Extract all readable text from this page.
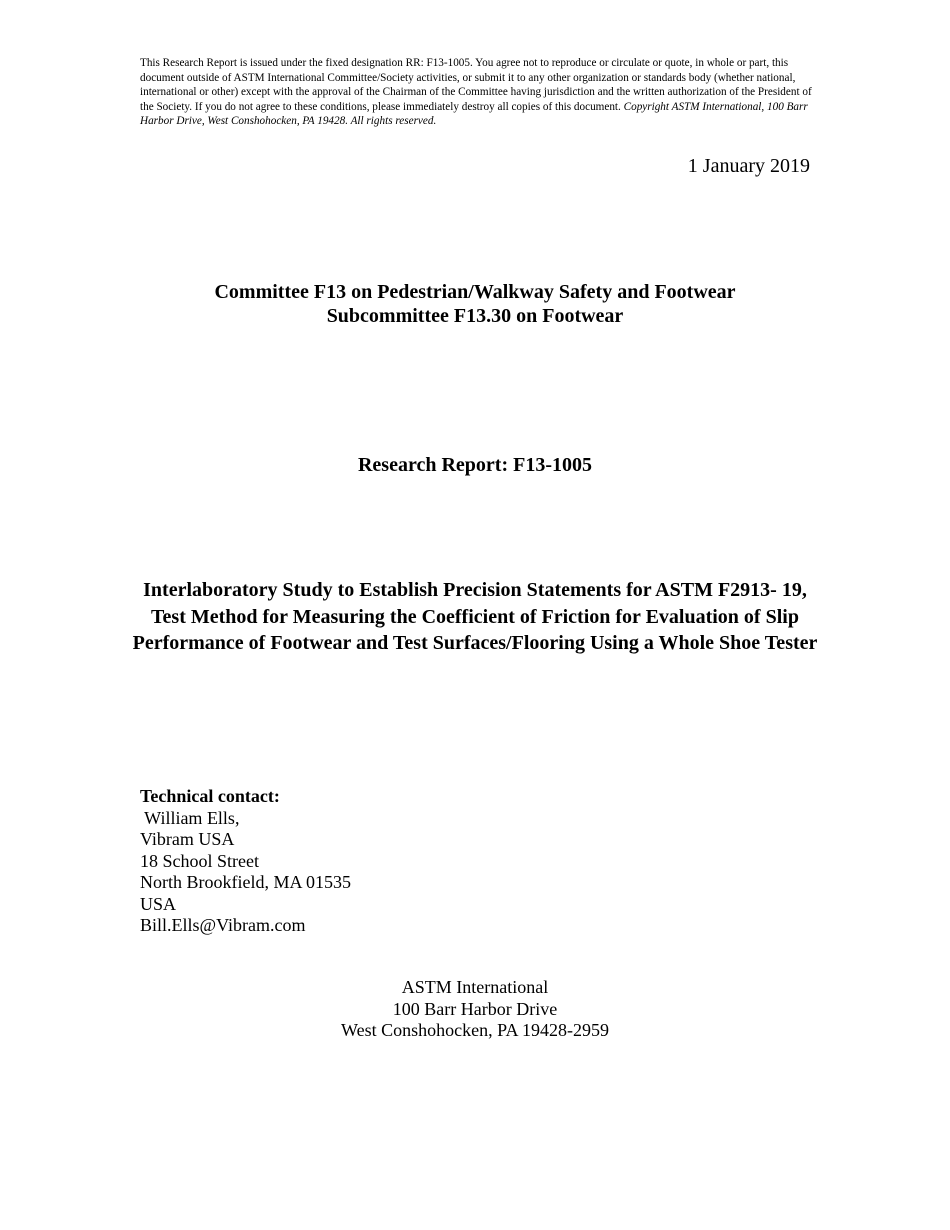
This Research Report is issued under the fixed designation RR: F13-1005. You agree not to reproduce or circulate or quote, in whole or part, this document outside of ASTM International Committee/Society activities, or submit it to any other organization or standards body (whether national, international or other) except with the approval of the Chairman of the Committee having jurisdiction and the written authorization of the President of the Society. If you do not agree to these conditions, please immediately destroy all copies of this document. Copyright ASTM International, 100 Barr Harbor Drive, West Conshohocken, PA 19428. All rights reserved.
1 January 2019
Committee F13 on Pedestrian/Walkway Safety and Footwear
Subcommittee F13.30 on Footwear
Research Report: F13-1005
Interlaboratory Study to Establish Precision Statements for ASTM F2913- 19, Test Method for Measuring the Coefficient of Friction for Evaluation of Slip Performance of Footwear and Test Surfaces/Flooring Using a Whole Shoe Tester
Technical contact:
William Ells,
Vibram USA
18 School Street
North Brookfield, MA 01535
USA
Bill.Ells@Vibram.com
ASTM International
100 Barr Harbor Drive
West Conshohocken, PA 19428-2959
